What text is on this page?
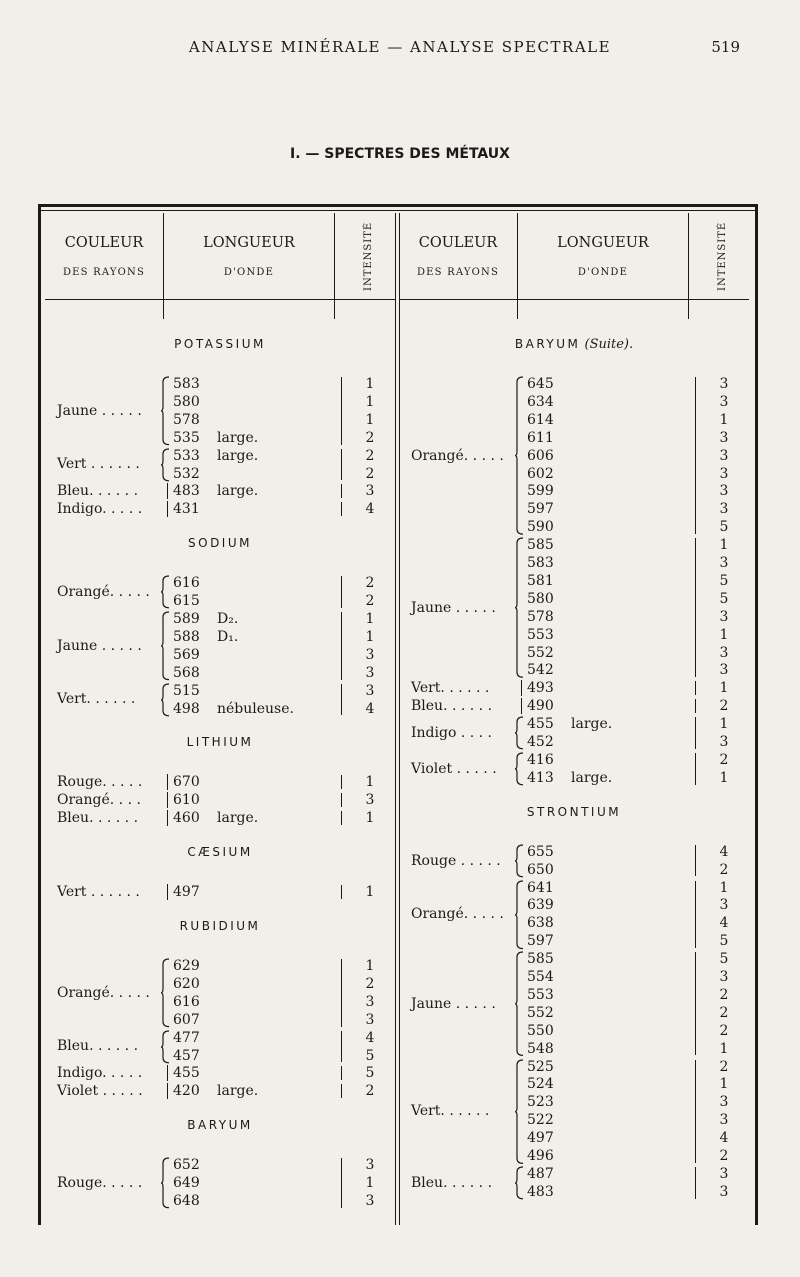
ANALYSE MINÉRALE — ANALYSE SPECTRALE	519
I. — SPECTRES DES MÉTAUX
COULEUR
DES RAYONS
LONGUEUR
D'ONDE	INTENSITÉ
POTASSIUM
Jaune . . . . .
583	1
580	1
578	1
535 large.	2
Vert . . . . . .
533 large.	2
532	2
Bleu. . . . . . 483 large.	3
Indigo. . . . . 431	4
SODIUM
Orangé. . . . .
616	2
615	2
Jaune . . . . .
589 D₂.	1
588 D₁.	1
569	3
568	3
Vert. . . . . .
515	3
498 nébuleuse.	4
LITHIUM
Rouge. . . . . 670	1
Orangé. . . . 610	3
Bleu. . . . . . 460 large.	1
CÆSIUM
Vert . . . . . . 497	1
RUBIDIUM
Orangé. . . . .
629	1
620	2
616	3
607	3
Bleu. . . . . .
477	4
457	5
Indigo. . . . . 455	5
Violet . . . . . 420 large.	2
BARYUM
Rouge. . . . .
652	3
649	1
648	3
COULEUR
DES RAYONS
LONGUEUR
D'ONDE	INTENSITÉ
BARYUM (Suite).
Orangé. . . . .
645	3
634	3
614	1
611	3
606	3
602	3
599	3
597	3
590	5
Jaune . . . . .
585	1
583	3
581	5
580	5
578	3
553	1
552	3
542	3
Vert. . . . . .	493	1
Bleu. . . . . . 490	2
Indigo . . . .
455 large.	1
452	3
Violet . . . . .
416	2
413 large.	1
STRONTIUM
Rouge . . . . .
655	4
650	2
Orangé. . . . .
641	1
639	3
638	4
597	5
Jaune . . . . .
585	5
554	3
553	2
552	2
550	2
548	1
Vert. . . . . .
525	2
524	1
523	3
522	3
497	4
496	2
Bleu. . . . . .
487	3
483	3
